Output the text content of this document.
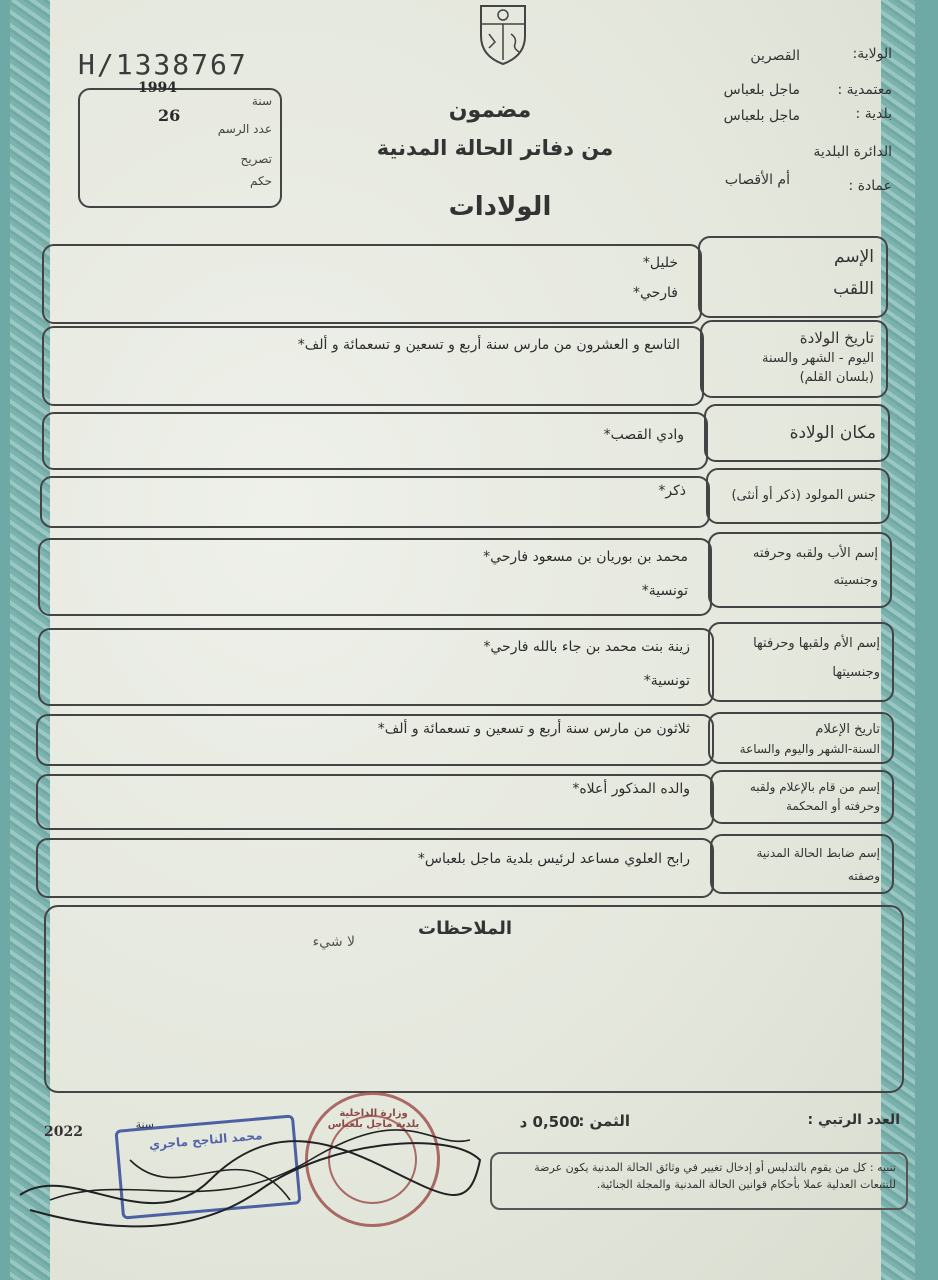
H/1338767
1994
26
سنة
عدد الرسم
تصريح
حكم
الولاية:
القصرين
معتمدية :
ماجل بلعباس
بلدية :
ماجل بلعباس
الدائرة البلدية
عمادة :
أم الأقصاب
مضمون
من دفاتر الحالة المدنية
الولادات
الإسم
اللقب
خليل*
فارحي*
تاريخ الولادة
اليوم - الشهر والسنة
(بلسان القلم)
التاسع و العشرون من مارس سنة أربع و تسعين و تسعمائة و ألف*
مكان الولادة
وادي القصب*
جنس المولود (ذكر أو أنثى)
ذكر*
إسم الأب ولقبه وحرفته
وجنسيته
محمد بن بوريان بن مسعود فارحي*
تونسية*
إسم الأم ولقبها وحرفتها
وجنسيتها
زينة بنت محمد بن جاء بالله فارحي*
تونسية*
تاريخ الإعلام
السنة-الشهر واليوم والساعة
ثلاثون من مارس سنة أربع و تسعين و تسعمائة و ألف*
إسم من قام بالإعلام ولقبه
وحرفته أو المحكمة
والده المذكور أعلاه*
إسم ضابط الحالة المدنية
وصفته
رابح العلوي مساعد لرئيس بلدية ماجل بلعباس*
الملاحظات
لا شيء
العدد الرتبي :
الثمن :
0,500 د
سنة
2022
تنبيه : كل من يقوم بالتدليس أو إدخال تغيير في وثائق الحالة المدنية يكون عرضة للتتبعات العدلية عملا بأحكام قوانين الحالة المدنية والمجلة الجنائية.
محمد الناجح ماجري
وزارة الداخلية بلدية ماجل بلعباس
